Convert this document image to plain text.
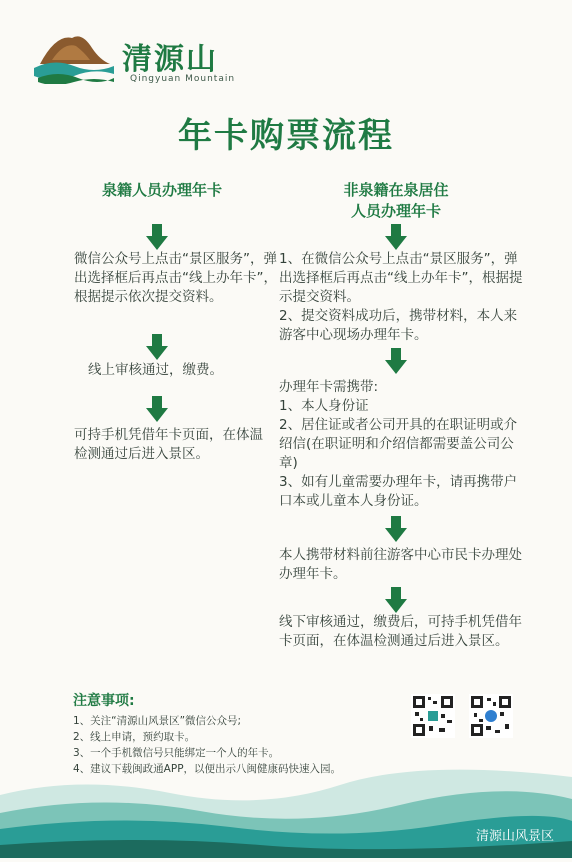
清源山
Qingyuan Mountain
年卡购票流程
泉籍人员办理年卡
微信公众号上点击“景区服务”，弹出选择框后再点击“线上办年卡”，根据提示依次提交资料。
线上审核通过，缴费。
可持手机凭借年卡页面，在体温检测通过后进入景区。
非泉籍在泉居住
人员办理年卡
1、在微信公众号上点击“景区服务”，弹出选择框后再点击“线上办年卡”，根据提示提交资料。
2、提交资料成功后，携带材料，本人来游客中心现场办理年卡。
办理年卡需携带:
1、本人身份证
2、居住证或者公司开具的在职证明或介绍信(在职证明和介绍信都需要盖公司公章)
3、如有儿童需要办理年卡，请再携带户口本或儿童本人身份证。
本人携带材料前往游客中心市民卡办理处办理年卡。
线下审核通过，缴费后，可持手机凭借年卡页面，在体温检测通过后进入景区。
注意事项:
1、关注“清源山风景区”微信公众号;
2、线上申请，预约取卡。
3、一个手机微信号只能绑定一个人的年卡。
4、建议下载闽政通APP，以便出示八闽健康码快速入园。
清源山风景区
